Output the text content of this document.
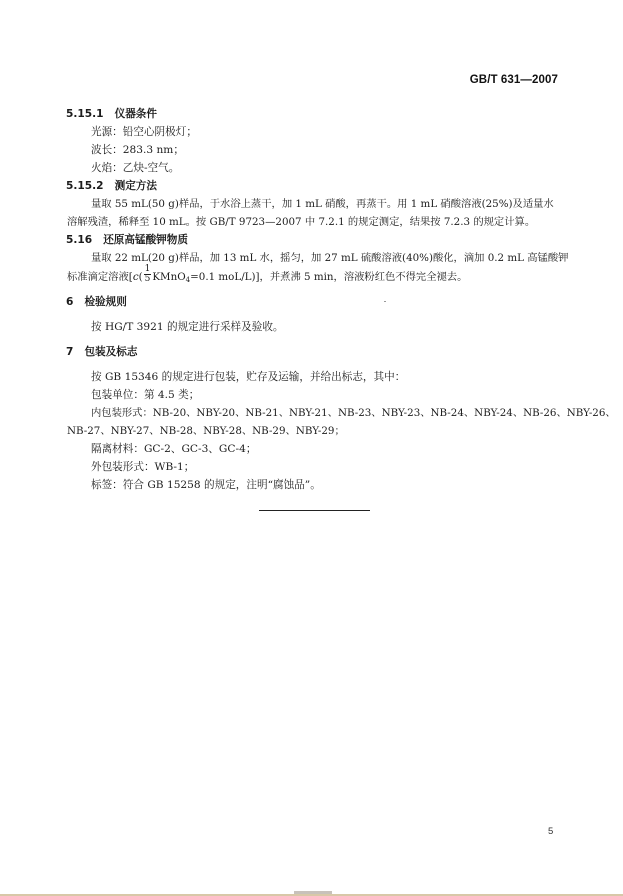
GB/T 631—2007
5.15.1 仪器条件
光源：铅空心阴极灯；
波长：283.3 nm；
火焰：乙炔-空气。
5.15.2 测定方法
量取 55 mL(50 g)样品，于水浴上蒸干，加 1 mL 硝酸，再蒸干。用 1 mL 硝酸溶液(25%)及适量水
溶解残渣，稀释至 10 mL。按 GB/T 9723—2007 中 7.2.1 的规定测定，结果按 7.2.3 的规定计算。
5.16 还原高锰酸钾物质
量取 22 mL(20 g)样品，加 13 mL 水，摇匀，加 27 mL 硫酸溶液(40%)酸化，滴加 0.2 mL 高锰酸钾
标准滴定溶液[$c( \frac{1}{5}$ KMnO$_4$=0.1 moL/L)]，并煮沸 5 min，溶液粉红色不得完全褪去。
6 检验规则
按 HG/T 3921 的规定进行采样及验收。
7 包装及标志
按 GB 15346 的规定进行包装，贮存及运输，并给出标志，其中：
包装单位：第 4.5 类；
内包装形式：NB-20、NBY-20、NB-21、NBY-21、NB-23、NBY-23、NB-24、NBY-24、NB-26、NBY-26、
NB-27、NBY-27、NB-28、NBY-28、NB-29、NBY-29；
隔离材料：GC-2、GC-3、GC-4；
外包装形式：WB-1；
标签：符合 GB 15258 的规定，注明“腐蚀品”。
5
